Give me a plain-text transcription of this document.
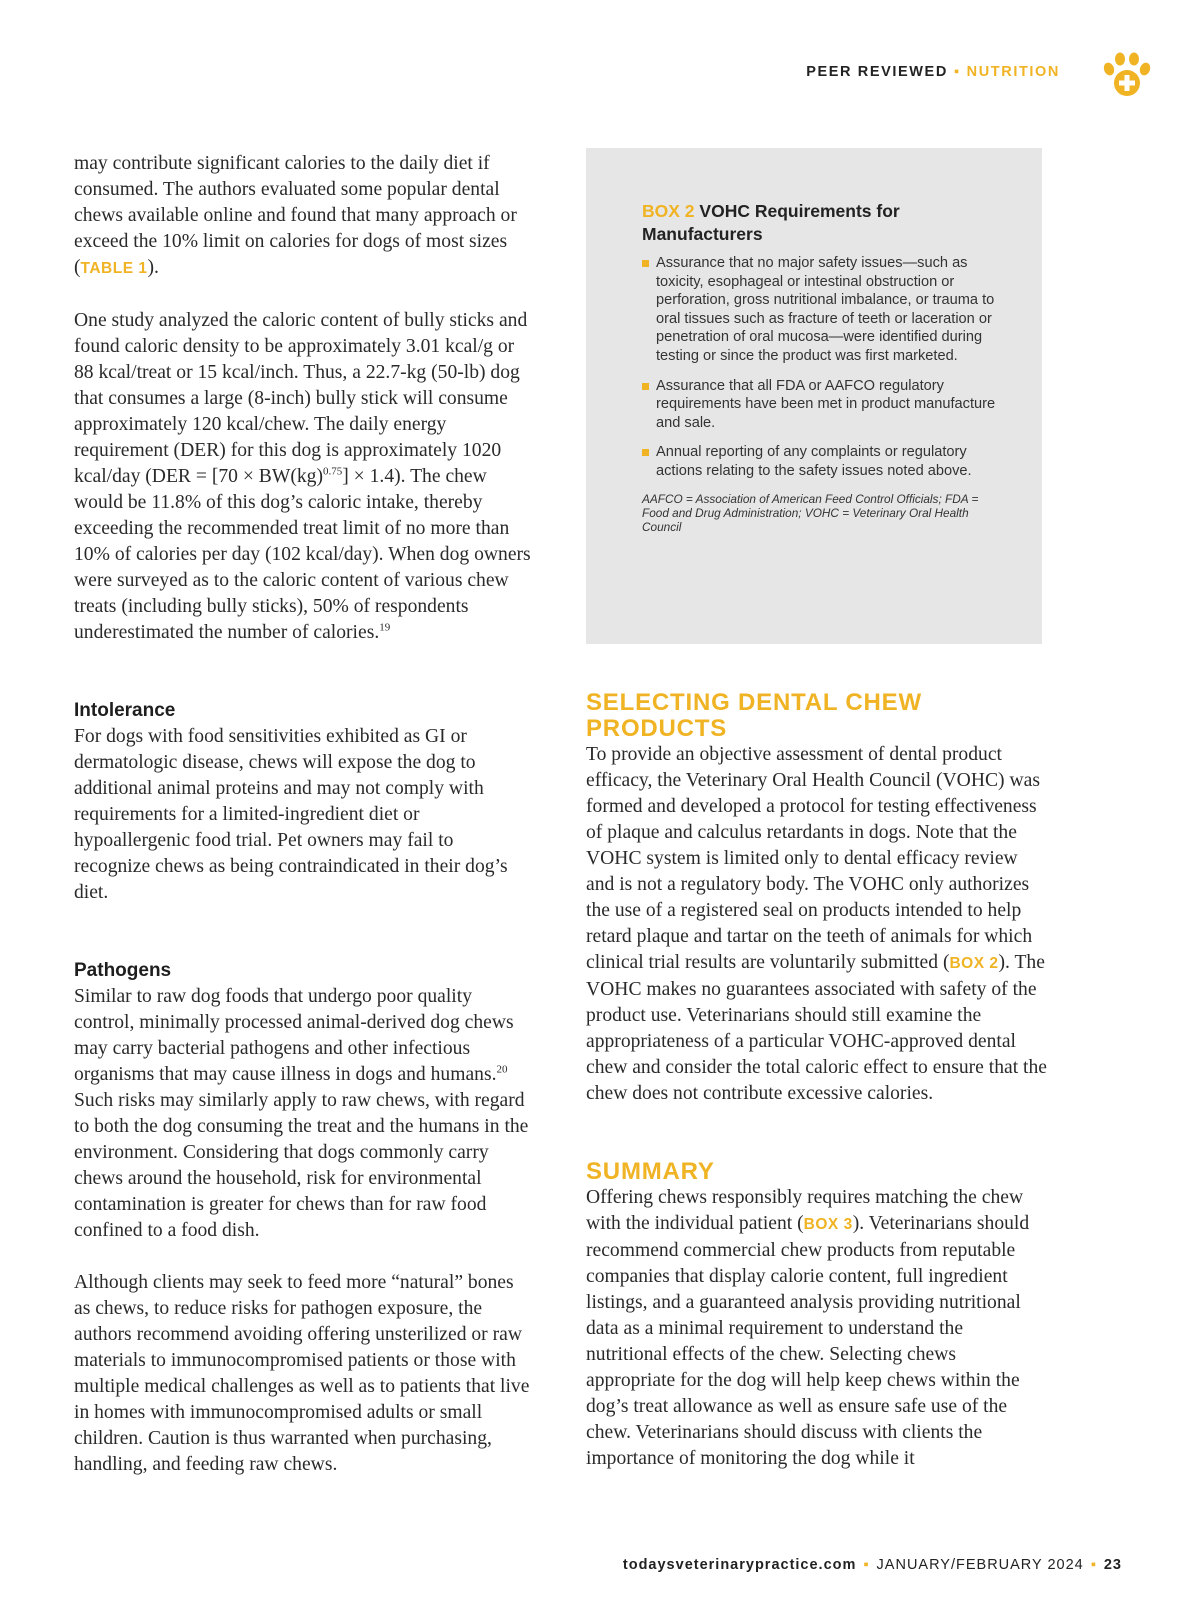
PEER REVIEWED ▪ NUTRITION

may contribute significant calories to the daily diet if consumed. The authors evaluated some popular dental chews available online and found that many approach or exceed the 10% limit on calories for dogs of most sizes (TABLE 1).

One study analyzed the caloric content of bully sticks and found caloric density to be approximately 3.01 kcal/g or 88 kcal/treat or 15 kcal/inch. Thus, a 22.7-kg (50-lb) dog that consumes a large (8-inch) bully stick will consume approximately 120 kcal/chew. The daily energy requirement (DER) for this dog is approximately 1020 kcal/day (DER = [70 × BW(kg)$^{0.75}$] × 1.4). The chew would be 11.8% of this dog’s caloric intake, thereby exceeding the recommended treat limit of no more than 10% of calories per day (102 kcal/day). When dog owners were surveyed as to the caloric content of various chew treats (including bully sticks), 50% of respondents underestimated the number of calories.$^{19}$

Intolerance

For dogs with food sensitivities exhibited as GI or dermatologic disease, chews will expose the dog to additional animal proteins and may not comply with requirements for a limited-ingredient diet or hypoallergenic food trial. Pet owners may fail to recognize chews as being contraindicated in their dog’s diet.

Pathogens

Similar to raw dog foods that undergo poor quality control, minimally processed animal-derived dog chews may carry bacterial pathogens and other infectious organisms that may cause illness in dogs and humans.$^{20}$ Such risks may similarly apply to raw chews, with regard to both the dog consuming the treat and the humans in the environment. Considering that dogs commonly carry chews around the household, risk for environmental contamination is greater for chews than for raw food confined to a food dish.

Although clients may seek to feed more “natural” bones as chews, to reduce risks for pathogen exposure, the authors recommend avoiding offering unsterilized or raw materials to immunocompromised patients or those with multiple medical challenges as well as to patients that live in homes with immunocompromised adults or small children. Caution is thus warranted when purchasing, handling, and feeding raw chews.

BOX 2 VOHC Requirements for Manufacturers
Assurance that no major safety issues—such as toxicity, esophageal or intestinal obstruction or perforation, gross nutritional imbalance, or trauma to oral tissues such as fracture of teeth or laceration or penetration of oral mucosa—were identified during testing or since the product was first marketed.
Assurance that all FDA or AAFCO regulatory requirements have been met in product manufacture and sale.
Annual reporting of any complaints or regulatory actions relating to the safety issues noted above.

AAFCO = Association of American Feed Control Officials; FDA = Food and Drug Administration; VOHC = Veterinary Oral Health Council

SELECTING DENTAL CHEW PRODUCTS

To provide an objective assessment of dental product efficacy, the Veterinary Oral Health Council (VOHC) was formed and developed a protocol for testing effectiveness of plaque and calculus retardants in dogs. Note that the VOHC system is limited only to dental efficacy review and is not a regulatory body. The VOHC only authorizes the use of a registered seal on products intended to help retard plaque and tartar on the teeth of animals for which clinical trial results are voluntarily submitted (BOX 2). The VOHC makes no guarantees associated with safety of the product use. Veterinarians should still examine the appropriateness of a particular VOHC-approved dental chew and consider the total caloric effect to ensure that the chew does not contribute excessive calories.

SUMMARY

Offering chews responsibly requires matching the chew with the individual patient (BOX 3). Veterinarians should recommend commercial chew products from reputable companies that display calorie content, full ingredient listings, and a guaranteed analysis providing nutritional data as a minimal requirement to understand the nutritional effects of the chew. Selecting chews appropriate for the dog will help keep chews within the dog’s treat allowance as well as ensure safe use of the chew. Veterinarians should discuss with clients the importance of monitoring the dog while it

todaysveterinarypractice.com ▪ JANUARY/FEBRUARY 2024 ▪ 23
